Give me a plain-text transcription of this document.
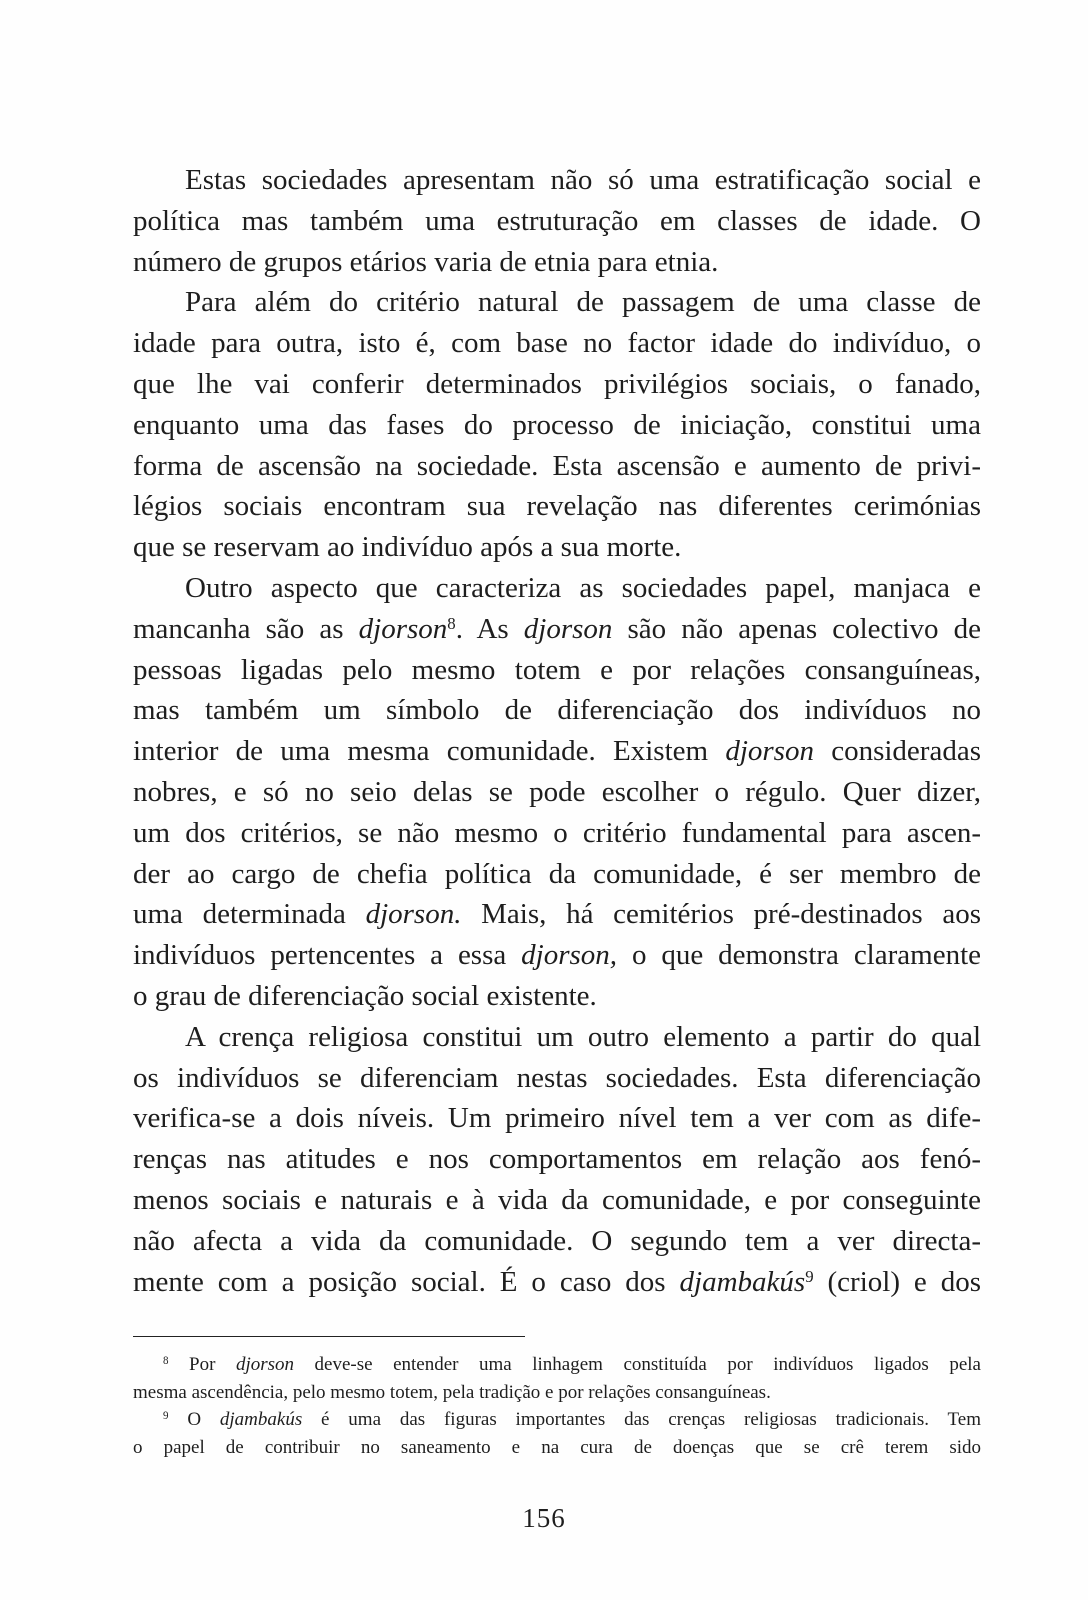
Estas sociedades apresentam não só uma estratificação social e
política mas também uma estruturação em classes de idade. O
número de grupos etários varia de etnia para etnia.

Para além do critério natural de passagem de uma classe de
idade para outra, isto é, com base no factor idade do indivíduo, o
que lhe vai conferir determinados privilégios sociais, o fanado,
enquanto uma das fases do processo de iniciação, constitui uma
forma de ascensão na sociedade. Esta ascensão e aumento de privi-
légios sociais encontram sua revelação nas diferentes cerimónias
que se reservam ao indivíduo após a sua morte.

Outro aspecto que caracteriza as sociedades papel, manjaca e
mancanha são as djorson$^8$. As djorson são não apenas colectivo de
pessoas ligadas pelo mesmo totem e por relações consanguíneas,
mas também um símbolo de diferenciação dos indivíduos no
interior de uma mesma comunidade. Existem djorson consideradas
nobres, e só no seio delas se pode escolher o régulo. Quer dizer,
um dos critérios, se não mesmo o critério fundamental para ascen-
der ao cargo de chefia política da comunidade, é ser membro de
uma determinada djorson. Mais, há cemitérios pré-destinados aos
indivíduos pertencentes a essa djorson, o que demonstra claramente
o grau de diferenciação social existente.

A crença religiosa constitui um outro elemento a partir do qual
os indivíduos se diferenciam nestas sociedades. Esta diferenciação
verifica-se a dois níveis. Um primeiro nível tem a ver com as dife-
renças nas atitudes e nos comportamentos em relação aos fenó-
menos sociais e naturais e à vida da comunidade, e por conseguinte
não afecta a vida da comunidade. O segundo tem a ver directa-
mente com a posição social. É o caso dos djambakús$^9$ (criol) e dos

$^8$ Por djorson deve-se entender uma linhagem constituída por indivíduos ligados pela
mesma ascendência, pelo mesmo totem, pela tradição e por relações consanguíneas.

$^9$ O djambakús é uma das figuras importantes das crenças religiosas tradicionais. Tem
o papel de contribuir no saneamento e na cura de doenças que se crê terem sido

156
